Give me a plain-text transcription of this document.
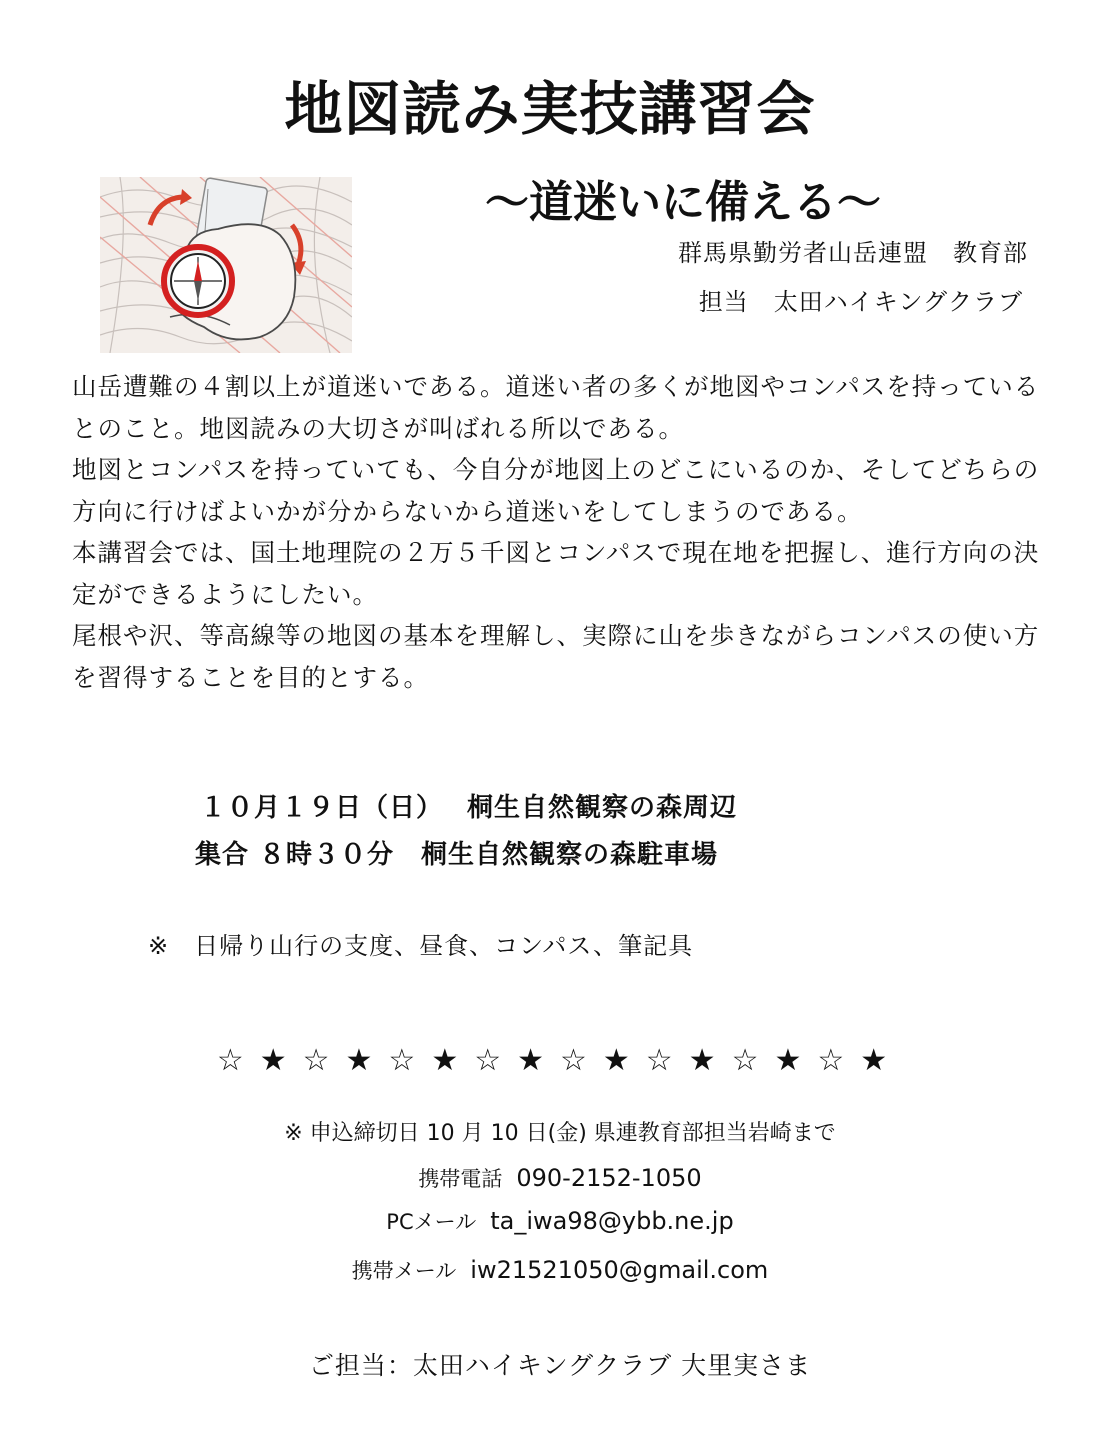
地図読み実技講習会
～道迷いに備える～
群馬県勤労者山岳連盟　教育部
担当　太田ハイキングクラブ

山岳遭難の４割以上が道迷いである。道迷い者の多くが地図やコンパスを持っているとのこと。地図読みの大切さが叫ばれる所以である。

地図とコンパスを持っていても、今自分が地図上のどこにいるのか、そしてどちらの方向に行けばよいかが分からないから道迷いをしてしまうのである。

本講習会では、国土地理院の２万５千図とコンパスで現在地を把握し、進行方向の決定ができるようにしたい。

尾根や沢、等高線等の地図の基本を理解し、実際に山を歩きながらコンパスの使い方を習得することを目的とする。

１０月１９日（日）　 桐生自然観察の森周辺
集合 ８時３０分　桐生自然観察の森駐車場
※　日帰り山行の支度、昼食、コンパス、筆記具
☆★☆★☆★☆★☆★☆★☆★☆★
※ 申込締切日 10 月 10 日(金) 県連教育部担当岩崎まで
携帯電話 090-2152-1050
PCメール ta_iwa98@ybb.ne.jp
携帯メール iw21521050@gmail.com
ご担当：太田ハイキングクラブ 大里実さま
